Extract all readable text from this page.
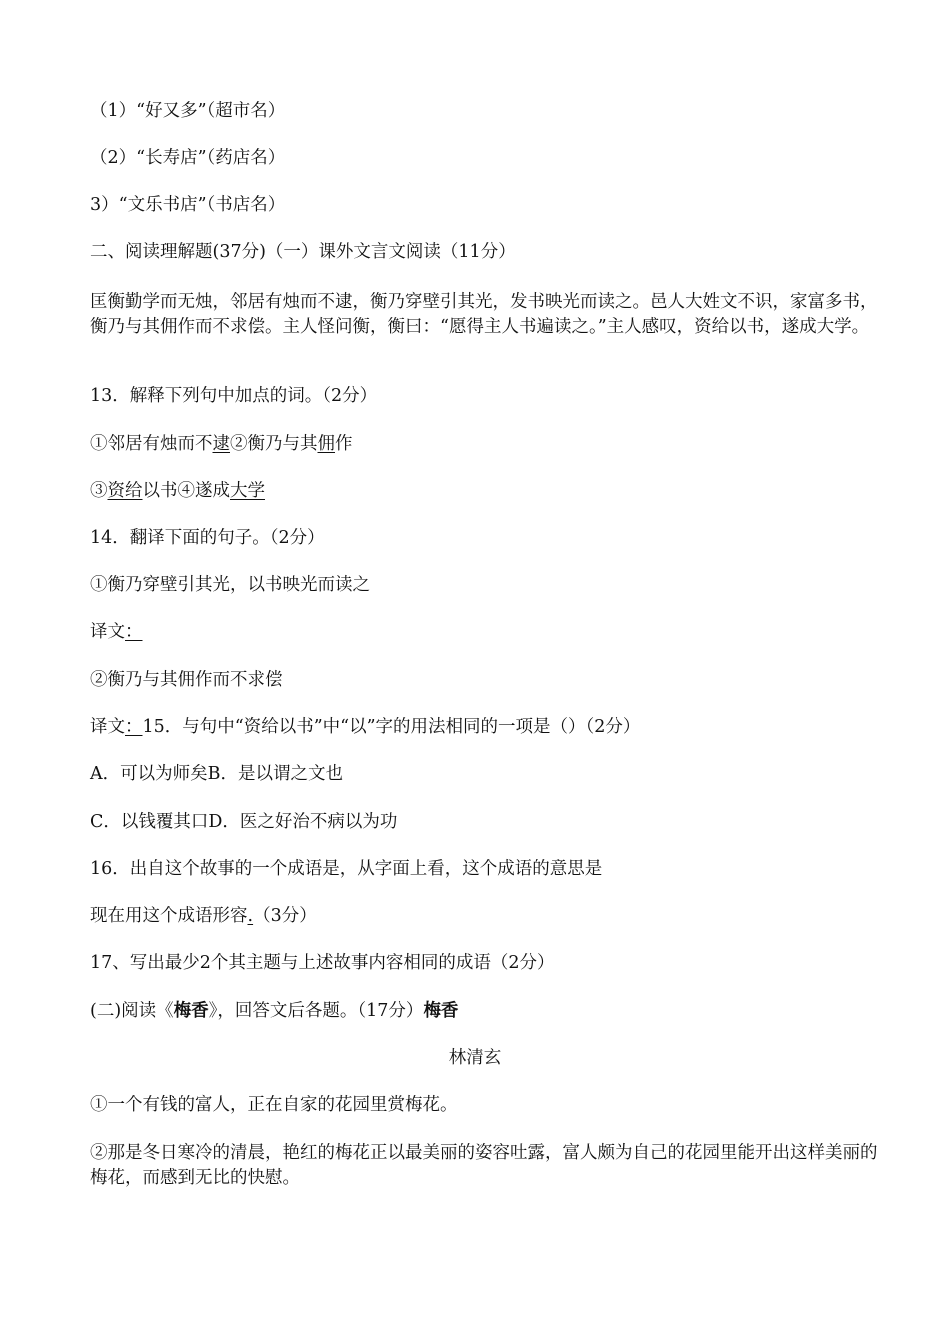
（1）“好又多”（超市名）
（2）“长寿店”（药店名）
3）“文乐书店”（书店名）
二、阅读理解题(37分)（一）课外文言文阅读（11分）
匡衡勤学而无烛，邻居有烛而不逮，衡乃穿壁引其光，发书映光而读之。邑人大姓文不识，家富多书，衡乃与其佣作而不求偿。主人怪问衡，衡曰：“愿得主人书遍读之。”主人感叹，资给以书，遂成大学。
13．解释下列句中加点的词。（2分）
①邻居有烛而不逮②衡乃与其佣作
③资给以书④遂成大学
14．翻译下面的句子。（2分）
①衡乃穿壁引其光，以书映光而读之
译文：
②衡乃与其佣作而不求偿
译文：15．与句中“资给以书”中“以”字的用法相同的一项是（）（2分）
A．可以为师矣B．是以谓之文也
C．以钱覆其口D．医之好治不病以为功
16．出自这个故事的一个成语是，从字面上看，这个成语的意思是
现在用这个成语形容.（3分）
17、写出最少2个其主题与上述故事内容相同的成语（2分）
(二)阅读《梅香》，回答文后各题。（17分）梅香
林清玄
①一个有钱的富人，正在自家的花园里赏梅花。
②那是冬日寒冷的清晨，艳红的梅花正以最美丽的姿容吐露，富人颇为自己的花园里能开出这样美丽的梅花，而感到无比的快慰。
